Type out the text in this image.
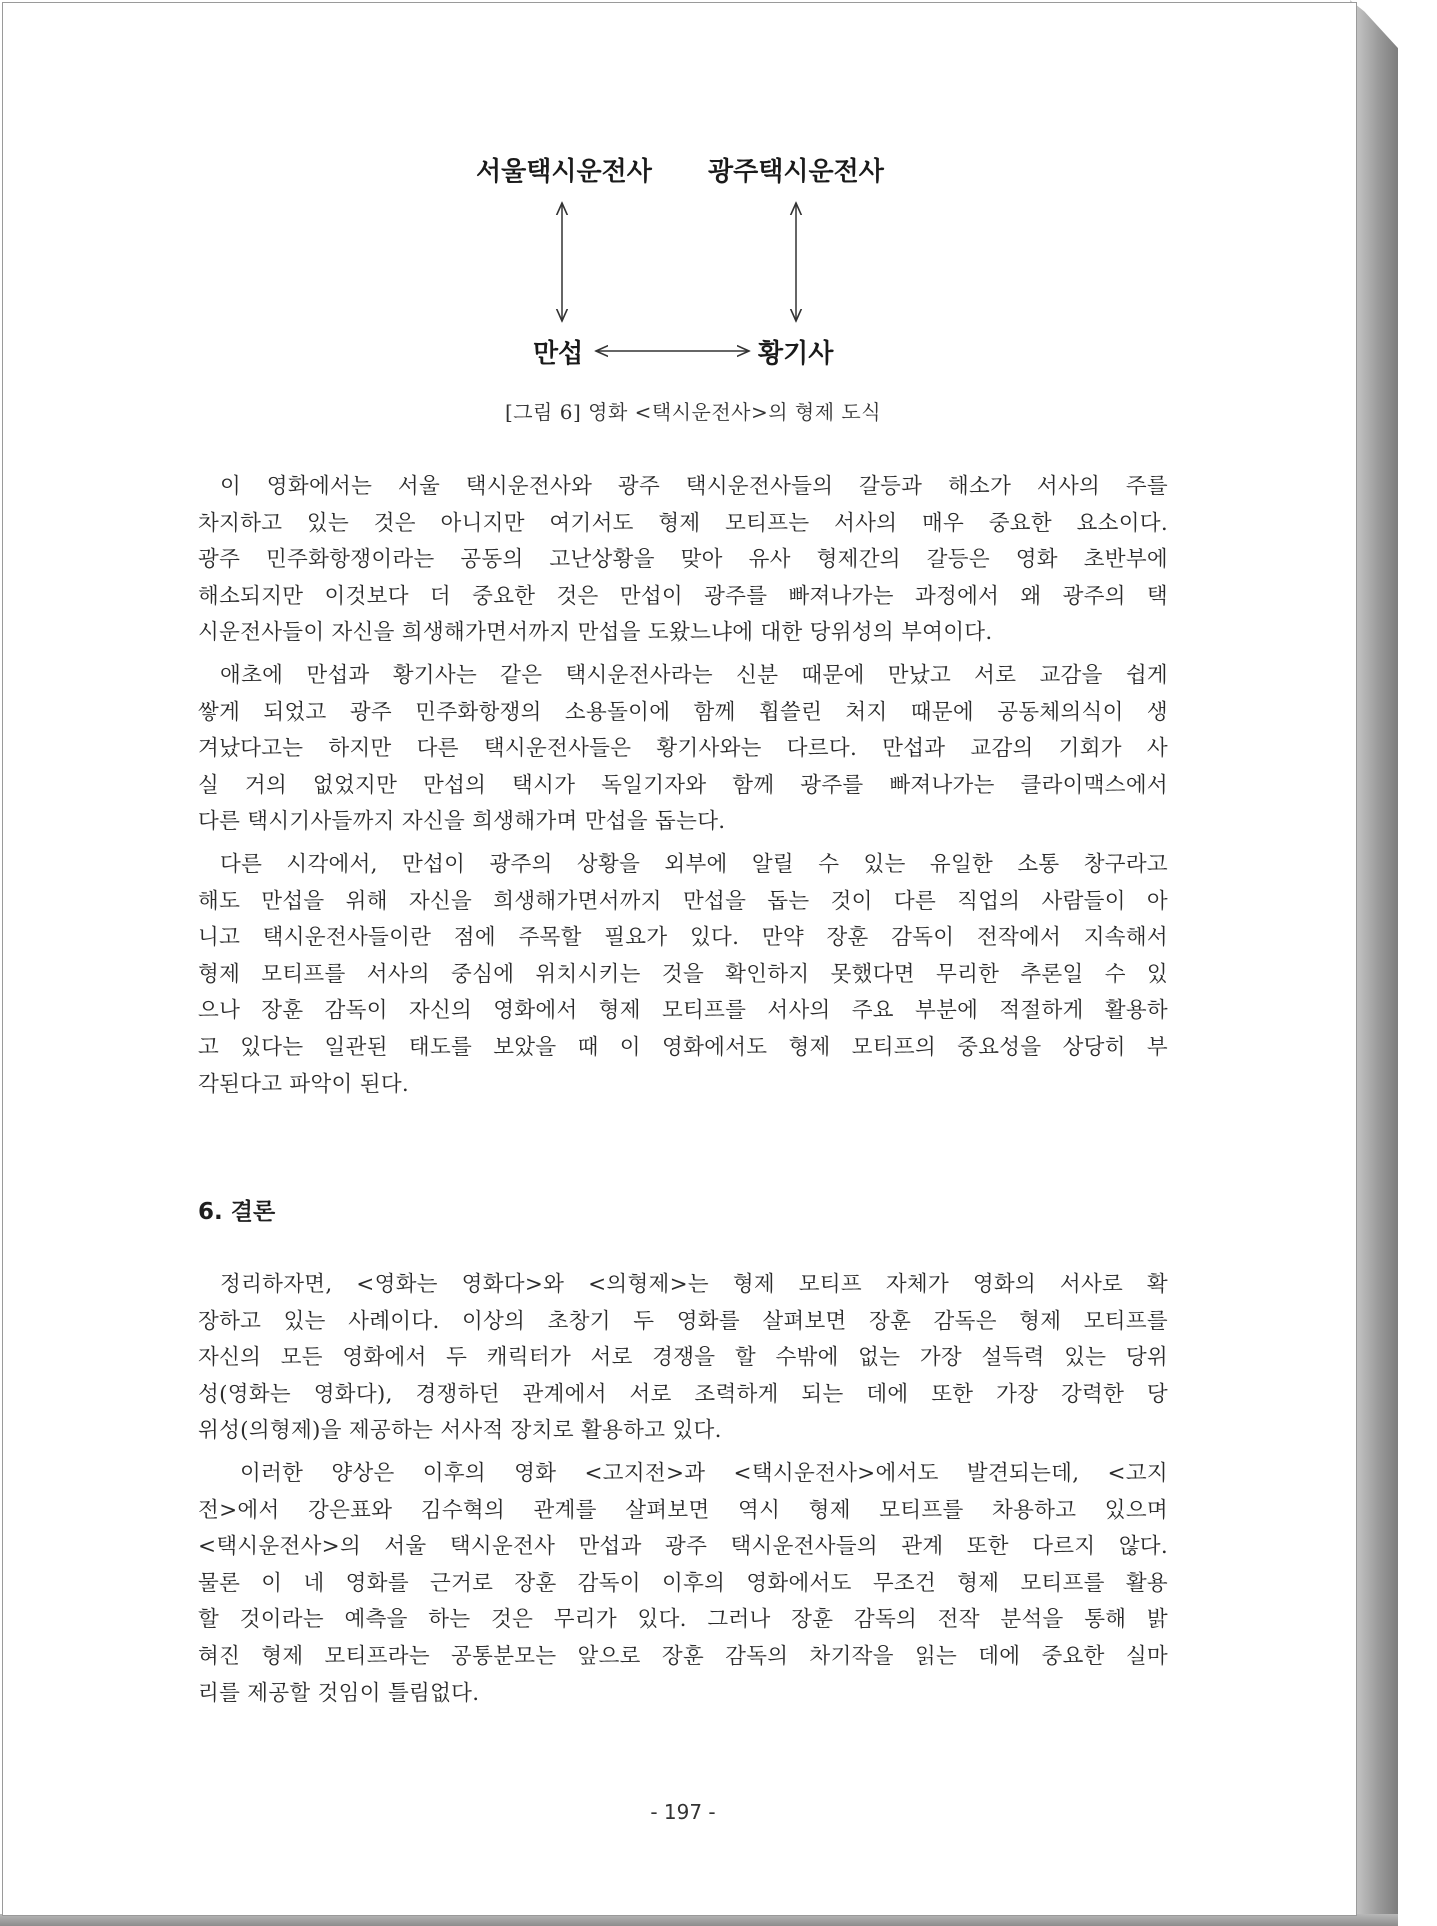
서울택시운전사 광주택시운전사
만섭	황기사
[그림 6] 영화 <택시운전사>의 형제 도식
이 영화에서는 서울 택시운전사와 광주 택시운전사들의 갈등과 해소가 서사의 주를
차지하고 있는 것은 아니지만 여기서도 형제 모티프는 서사의 매우 중요한 요소이다.
광주 민주화항쟁이라는 공동의 고난상황을 맞아 유사 형제간의 갈등은 영화 초반부에
해소되지만 이것보다 더 중요한 것은 만섭이 광주를 빠져나가는 과정에서 왜 광주의 택
시운전사들이 자신을 희생해가면서까지 만섭을 도왔느냐에 대한 당위성의 부여이다.
애초에 만섭과 황기사는 같은 택시운전사라는 신분 때문에 만났고 서로 교감을 쉽게
쌓게 되었고 광주 민주화항쟁의 소용돌이에 함께 휩쓸린 처지 때문에 공동체의식이 생
겨났다고는 하지만 다른 택시운전사들은 황기사와는 다르다. 만섭과 교감의 기회가 사
실 거의 없었지만 만섭의 택시가 독일기자와 함께 광주를 빠져나가는 클라이맥스에서
다른 택시기사들까지 자신을 희생해가며 만섭을 돕는다.
다른 시각에서, 만섭이 광주의 상황을 외부에 알릴 수 있는 유일한 소통 창구라고
해도 만섭을 위해 자신을 희생해가면서까지 만섭을 돕는 것이 다른 직업의 사람들이 아
니고 택시운전사들이란 점에 주목할 필요가 있다. 만약 장훈 감독이 전작에서 지속해서
형제 모티프를 서사의 중심에 위치시키는 것을 확인하지 못했다면 무리한 추론일 수 있
으나 장훈 감독이 자신의 영화에서 형제 모티프를 서사의 주요 부분에 적절하게 활용하
고 있다는 일관된 태도를 보았을 때 이 영화에서도 형제 모티프의 중요성을 상당히 부
각된다고 파악이 된다.
6. 결론
정리하자면, <영화는 영화다>와 <의형제>는 형제 모티프 자체가 영화의 서사로 확
장하고 있는 사례이다. 이상의 초창기 두 영화를 살펴보면 장훈 감독은 형제 모티프를
자신의 모든 영화에서 두 캐릭터가 서로 경쟁을 할 수밖에 없는 가장 설득력 있는 당위
성(영화는 영화다), 경쟁하던 관계에서 서로 조력하게 되는 데에 또한 가장 강력한 당
위성(의형제)을 제공하는 서사적 장치로 활용하고 있다.
이러한 양상은 이후의 영화 <고지전>과 <택시운전사>에서도 발견되는데, <고지
전>에서 강은표와 김수혁의 관계를 살펴보면 역시 형제 모티프를 차용하고 있으며
<택시운전사>의 서울 택시운전사 만섭과 광주 택시운전사들의 관계 또한 다르지 않다.
물론 이 네 영화를 근거로 장훈 감독이 이후의 영화에서도 무조건 형제 모티프를 활용
할 것이라는 예측을 하는 것은 무리가 있다. 그러나 장훈 감독의 전작 분석을 통해 밝
혀진 형제 모티프라는 공통분모는 앞으로 장훈 감독의 차기작을 읽는 데에 중요한 실마
리를 제공할 것임이 틀림없다.
- 197 -
